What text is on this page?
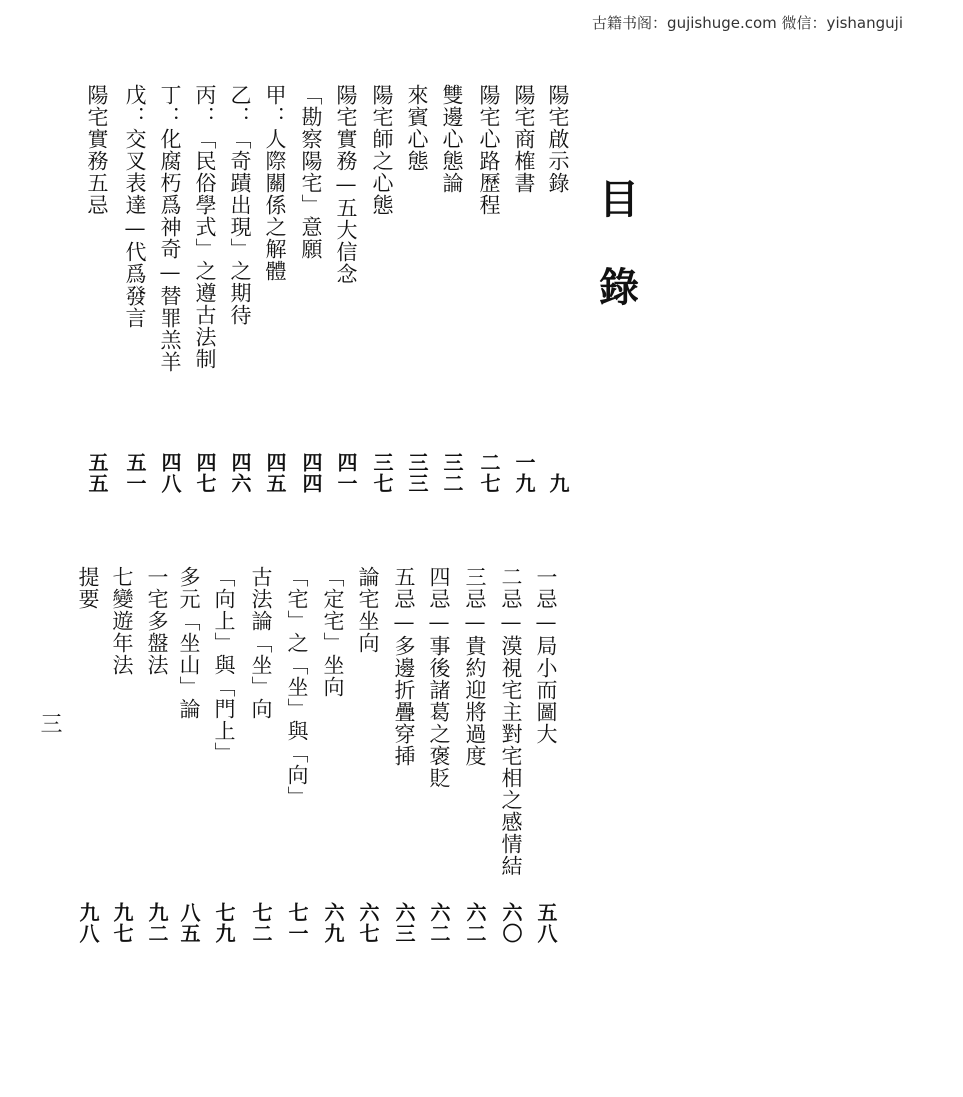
古籍书阁：gujishuge.com 微信：yishanguji
目
錄
陽宅啟示錄
九
陽宅商榷書
一九
陽宅心路歷程
二七
雙邊心態論
三二
來賓心態
三三
陽宅師之心態
三七
陽宅實務—五大信念
四一
「勘察陽宅」意願
四四
甲：人際關係之解體
四五
乙：「奇蹟出現」之期待
四六
丙：「民俗學式」之遵古法制
四七
丁：化腐朽爲神奇—替罪羔羊
四八
戊：交叉表達—代爲發言
五一
陽宅實務五忌
五五
一忌—局小而圖大
五八
二忌—漠視宅主對宅相之感情結
六〇
三忌—貴約迎將過度
六二
四忌—事後諸葛之褒貶
六二
五忌—多邊折疊穿揷
六三
論宅坐向
六七
「定宅」坐向
六九
「宅」之「坐」與「向」
七一
古法論「坐」向
七二
「向上」與「門上」
七九
多元「坐山」論
八五
一宅多盤法
九二
七變遊年法
九七
提要
九八
三
